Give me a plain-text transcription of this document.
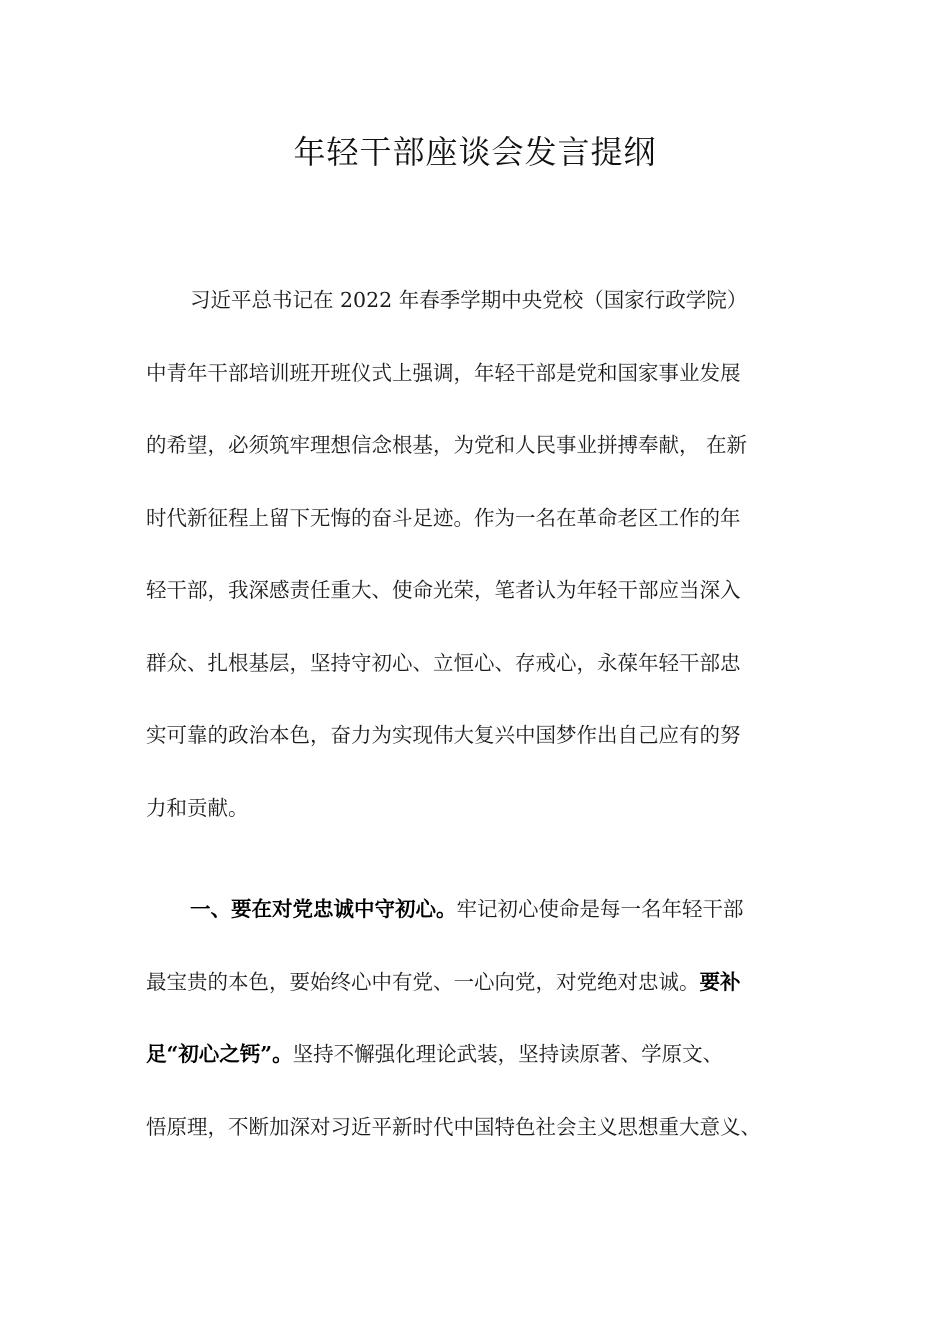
年轻干部座谈会发言提纲
习近平总书记在 2022 年春季学期中央党校（国家行政学院）
中青年干部培训班开班仪式上强调，年轻干部是党和国家事业发展
的希望，必须筑牢理想信念根基，为党和人民事业拼搏奉献， 在新
时代新征程上留下无悔的奋斗足迹。作为一名在革命老区工作的年
轻干部，我深感责任重大、使命光荣，笔者认为年轻干部应当深入
群众、扎根基层，坚持守初心、立恒心、存戒心，永葆年轻干部忠
实可靠的政治本色，奋力为实现伟大复兴中国梦作出自己应有的努
力和贡献。
一、要在对党忠诚中守初心。牢记初心使命是每一名年轻干部
最宝贵的本色，要始终心中有党、一心向党，对党绝对忠诚。要补
足“初心之钙”。坚持不懈强化理论武装，坚持读原著、学原文、
悟原理，不断加深对习近平新时代中国特色社会主义思想重大意义、
